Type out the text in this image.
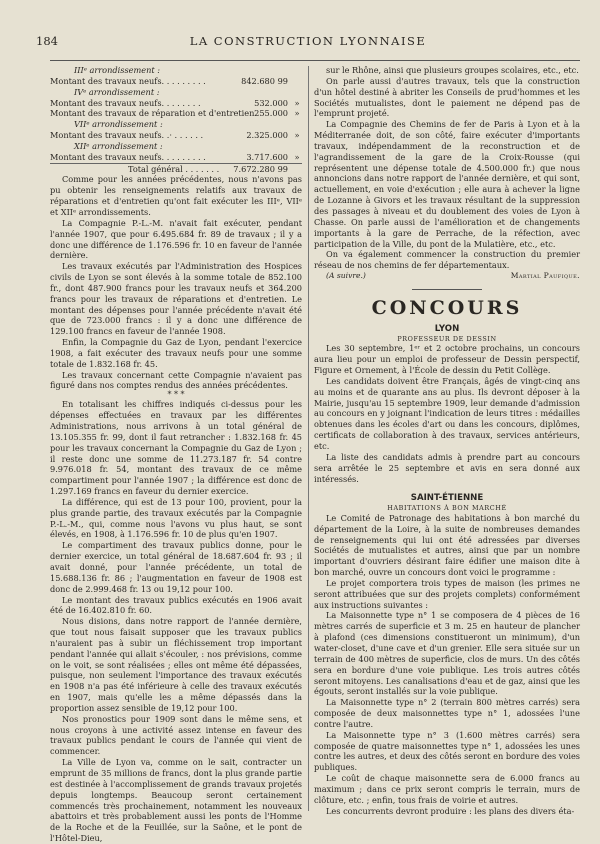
184	LA CONSTRUCTION LYONNAISE
IIIᵉ arrondissement :
Montant des travaux neufs. . . . . . . . .	842.680 99
IVᵉ arrondissement :
Montant des travaux neufs. . . . . . . .	532.000 »
Montant des travaux de réparation et d'entretien 255.000 »
VIIᵉ arrondissement :
Montant des travaux neufs. .· . . . . . .	2.325.000 »
XIIᵉ arrondissement :
Montant des travaux neufs. . . . . . . . .	3.717.600 »
Total général . . . . . . . 7.672.280 99

Comme pour les années précédentes, nous n'avons pas pu obtenir les renseignements relatifs aux travaux de réparations et d'entretien qu'ont fait exécuter les IIIᵉ, VIIᵉ et XIIᵉ arrondissements.

La Compagnie P.-L.-M. n'avait fait exécuter, pendant l'année 1907, que pour 6.495.684 fr. 89 de travaux ; il y a donc une différence de 1.176.596 fr. 10 en faveur de l'année dernière.

Les travaux exécutés par l'Administration des Hospices civils de Lyon se sont élevés à la somme totale de 852.100 fr., dont 487.900 francs pour les travaux neufs et 364.200 francs pour les travaux de réparations et d'entretien. Le montant des dépenses pour l'année précédente n'avait été que de 723.000 francs : il y a donc une différence de 129.100 francs en faveur de l'année 1908.

Enfin, la Compagnie du Gaz de Lyon, pendant l'exercice 1908, a fait exécuter des travaux neufs pour une somme totale de 1.832.168 fr. 45.

Les travaux concernant cette Compagnie n'avaient pas figuré dans nos comptes rendus des années précédentes.

* * *

En totalisant les chiffres indiqués ci-dessus pour les dépenses effectuées en travaux par les différentes Administrations, nous arrivons à un total général de 13.105.355 fr. 99, dont il faut retrancher : 1.832.168 fr. 45 pour les travaux concernant la Compagnie du Gaz de Lyon ; il reste donc une somme de 11.273.187 fr. 54 contre 9.976.018 fr. 54, montant des travaux de ce même compartiment pour l'année 1907 ; la différence est donc de 1.297.169 francs en faveur du dernier exercice.

La différence, qui est de 13 pour 100, provient, pour la plus grande partie, des travaux exécutés par la Compagnie P.-L.-M., qui, comme nous l'avons vu plus haut, se sont élevés, en 1908, à 1.176.596 fr. 10 de plus qu'en 1907.

Le compartiment des travaux publics donne, pour le dernier exercice, un total général de 18.687.604 fr. 93 ; il avait donné, pour l'année précédente, un total de 15.688.136 fr. 86 ; l'augmentation en faveur de 1908 est donc de 2.999.468 fr. 13 ou 19,12 pour 100.

Le montant des travaux publics exécutés en 1906 avait été de 16.402.810 fr. 60.

Nous disions, dans notre rapport de l'année dernière, que tout nous faisait supposer que les travaux publics n'auraient pas à subir un fléchissement trop important pendant l'année qui allait s'écouler, : nos prévisions, comme on le voit, se sont réalisées ; elles ont même été dépassées, puisque, non seulement l'importance des travaux exécutés en 1908 n'a pas été inférieure à celle des travaux exécutés en 1907, mais qu'elle les a même dépassés dans la proportion assez sensible de 19,12 pour 100.

Nos pronostics pour 1909 sont dans le même sens, et nous croyons à une activité assez intense en faveur des travaux publics pendant le cours de l'année qui vient de commencer.

La Ville de Lyon va, comme on le sait, contracter un emprunt de 35 millions de francs, dont la plus grande partie est destinée à l'accomplissement de grands travaux projetés depuis longtemps. Beaucoup seront certainement commencés très prochainement, notamment les nouveaux abattoirs et très probablement aussi les ponts de l'Homme de la Roche et de la Feuillée, sur la Saône, et le pont de l'Hôtel-Dieu,

sur le Rhône, ainsi que plusieurs groupes scolaires, etc., etc.

On parle aussi d'autres travaux, tels que la construction d'un hôtel destiné à abriter les Conseils de prud'hommes et les Sociétés mutualistes, dont le paiement ne dépend pas de l'emprunt projeté.

La Compagnie des Chemins de fer de Paris à Lyon et à la Méditerranée doit, de son côté, faire exécuter d'importants travaux, indépendamment de la reconstruction et de l'agrandissement de la gare de la Croix-Rousse (qui représentent une dépense totale de 4.500.000 fr.) que nous annoncions dans notre rapport de l'année dernière, et qui sont, actuellement, en voie d'exécution ; elle aura à achever la ligne de Lozanne à Givors et les travaux résultant de la suppression des passages à niveau et du doublement des voies de Lyon à Chasse. On parle aussi de l'amélioration et de changements importants à la gare de Perrache, de la réfection, avec participation de la Ville, du pont de la Mulatière, etc., etc.

On va également commencer la construction du premier réseau de nos chemins de fer départementaux.

(A suivre.)	Martial Paufique.
CONCOURS
LYON
PROFESSEUR DE DESSIN

Les 30 septembre, 1ᵉʳ et 2 octobre prochains, un concours aura lieu pour un emploi de professeur de Dessin perspectif, Figure et Ornement, à l'École de dessin du Petit Collège.

Les candidats doivent être Français, âgés de vingt-cinq ans au moins et de quarante ans au plus. Ils devront déposer à la Mairie, jusqu'au 15 septembre 1909, leur demande d'admission au concours en y joignant l'indication de leurs titres : médailles obtenues dans les écoles d'art ou dans les concours, diplômes, certificats de collaboration à des travaux, services antérieurs, etc.

La liste des candidats admis à prendre part au concours sera arrêtée le 25 septembre et avis en sera donné aux intéressés.

SAINT-ÉTIENNE
HABITATIONS À BON MARCHÉ

Le Comité de Patronage des habitations à bon marché du département de la Loire, à la suite de nombreuses demandes de renseignements qui lui ont été adressées par diverses Sociétés de mutualistes et autres, ainsi que par un nombre important d'ouvriers désirant faire édifier une maison dite à bon marché, ouvre un concours dont voici le programme :

Le projet comportera trois types de maison (les primes ne seront attribuées que sur des projets complets) conformément aux instructions suivantes :

La Maisonnette type n° 1 se composera de 4 pièces de 16 mètres carrés de superficie et 3 m. 25 en hauteur de plancher à plafond (ces dimensions constitueront un minimum), d'un water-closet, d'une cave et d'un grenier. Elle sera située sur un terrain de 400 mètres de superficie, clos de murs. Un des côtés sera en bordure d'une voie publique. Les trois autres côtés seront mitoyens. Les canalisations d'eau et de gaz, ainsi que les égouts, seront installés sur la voie publique.

La Maisonnette type n° 2 (terrain 800 mètres carrés) sera composée de deux maisonnettes type n° 1, adossées l'une contre l'autre.

La Maisonnette type n° 3 (1.600 mètres carrés) sera composée de quatre maisonnettes type n° 1, adossées les unes contre les autres, et deux des côtés seront en bordure des voies publiques.

Le coût de chaque maisonnette sera de 6.000 francs au maximum ; dans ce prix seront compris le terrain, murs de clôture, etc. ; enfin, tous frais de voirie et autres.

Les concurrents devront produire : les plans des divers éta-
